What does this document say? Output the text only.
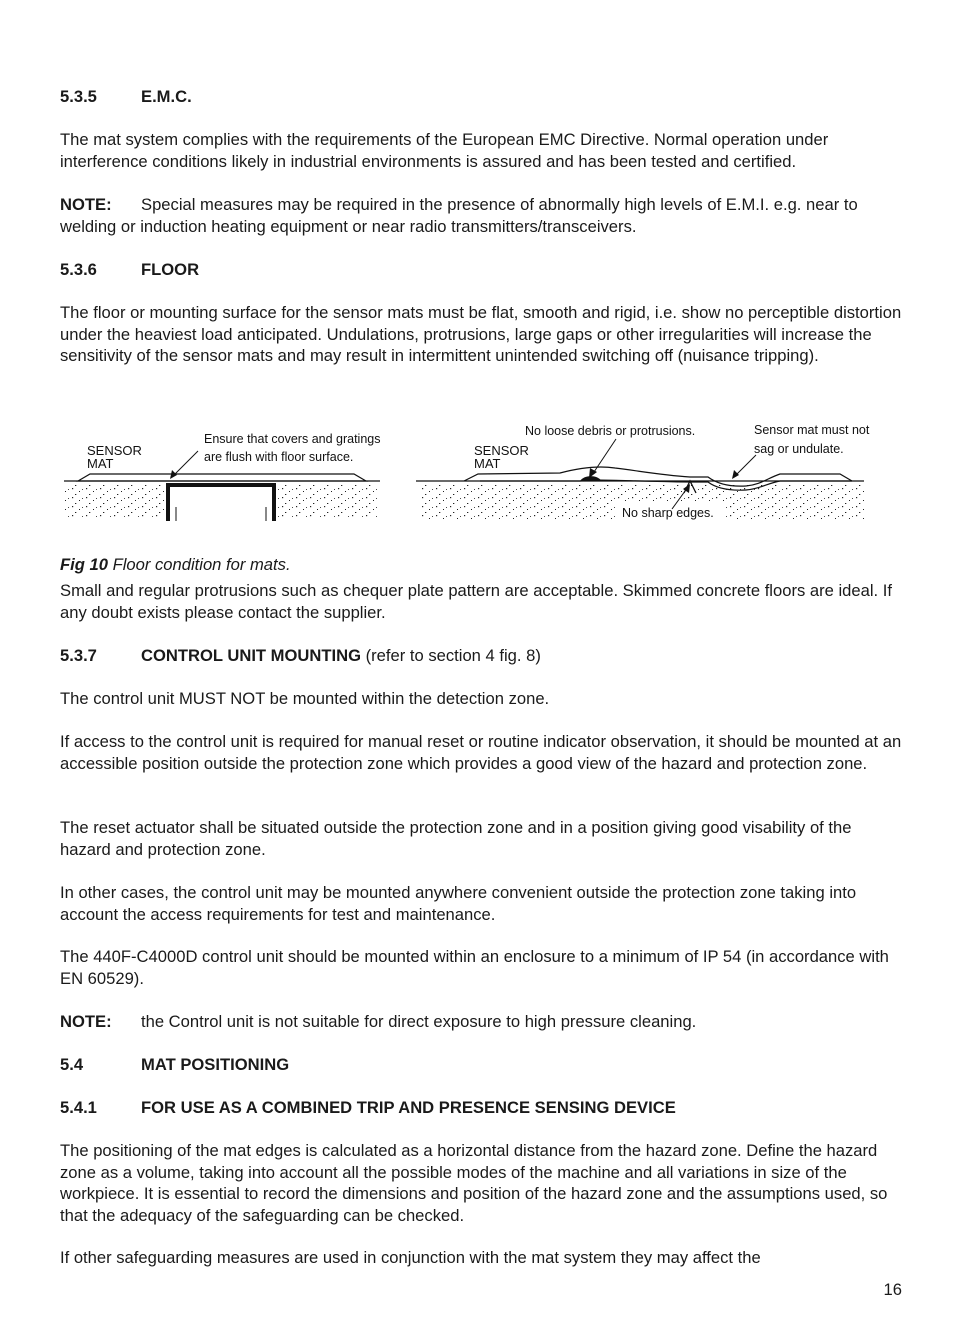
5.3.5	E.M.C.

The mat system complies with the requirements of the European EMC Directive. Normal operation under interference conditions likely in industrial environments is assured and has been tested and certified.

NOTE: Special measures may be required in the presence of abnormally high levels of E.M.I. e.g. near to welding or induction heating equipment or near radio transmitters/transceivers.

5.3.6	FLOOR

The floor or mounting surface for the sensor mats must be flat, smooth and rigid, i.e. show no perceptible distortion under the heaviest load anticipated. Undulations, protrusions, large gaps or other irregularities will increase the sensitivity of the sensor mats and may result in intermittent unintended switching off (nuisance tripping).

Fig 10 Floor condition for mats.

Small and regular protrusions such as chequer plate pattern are acceptable. Skimmed concrete floors are ideal. If any doubt exists please contact the supplier.

5.3.7	CONTROL UNIT MOUNTING (refer to section 4 fig. 8)

The control unit MUST NOT be mounted within the detection zone.

If access to the control unit is required for manual reset or routine indicator observation, it should be mounted at an accessible position outside the protection zone which provides a good view of the hazard and protection zone.

The reset actuator shall be situated outside the protection zone and in a position giving good visability of the hazard and protection zone.

In other cases, the control unit may be mounted anywhere convenient outside the protection zone taking into account the access requirements for test and maintenance.

The 440F-C4000D control unit should be mounted within an enclosure to a minimum of IP 54 (in accordance with EN 60529).

NOTE: the Control unit is not suitable for direct exposure to high pressure cleaning.

5.4	MAT POSITIONING
5.4.1	FOR USE AS A COMBINED TRIP AND PRESENCE SENSING DEVICE

The positioning of the mat edges is calculated as a horizontal distance from the hazard zone. Define the hazard zone as a volume, taking into account all the possible modes of the machine and all variations in size of the workpiece. It is essential to record the dimensions and position of the hazard zone and the assumptions used, so that the adequacy of the safeguarding can be checked.

If other safeguarding measures are used in conjunction with the mat system they may affect the

SENSOR
MAT
Ensure that covers and gratings
are flush with floor surface.	SENSOR
MAT
No loose debris or protrusions.	Sensor mat must not
sag or undulate.
No sharp edges.
16
